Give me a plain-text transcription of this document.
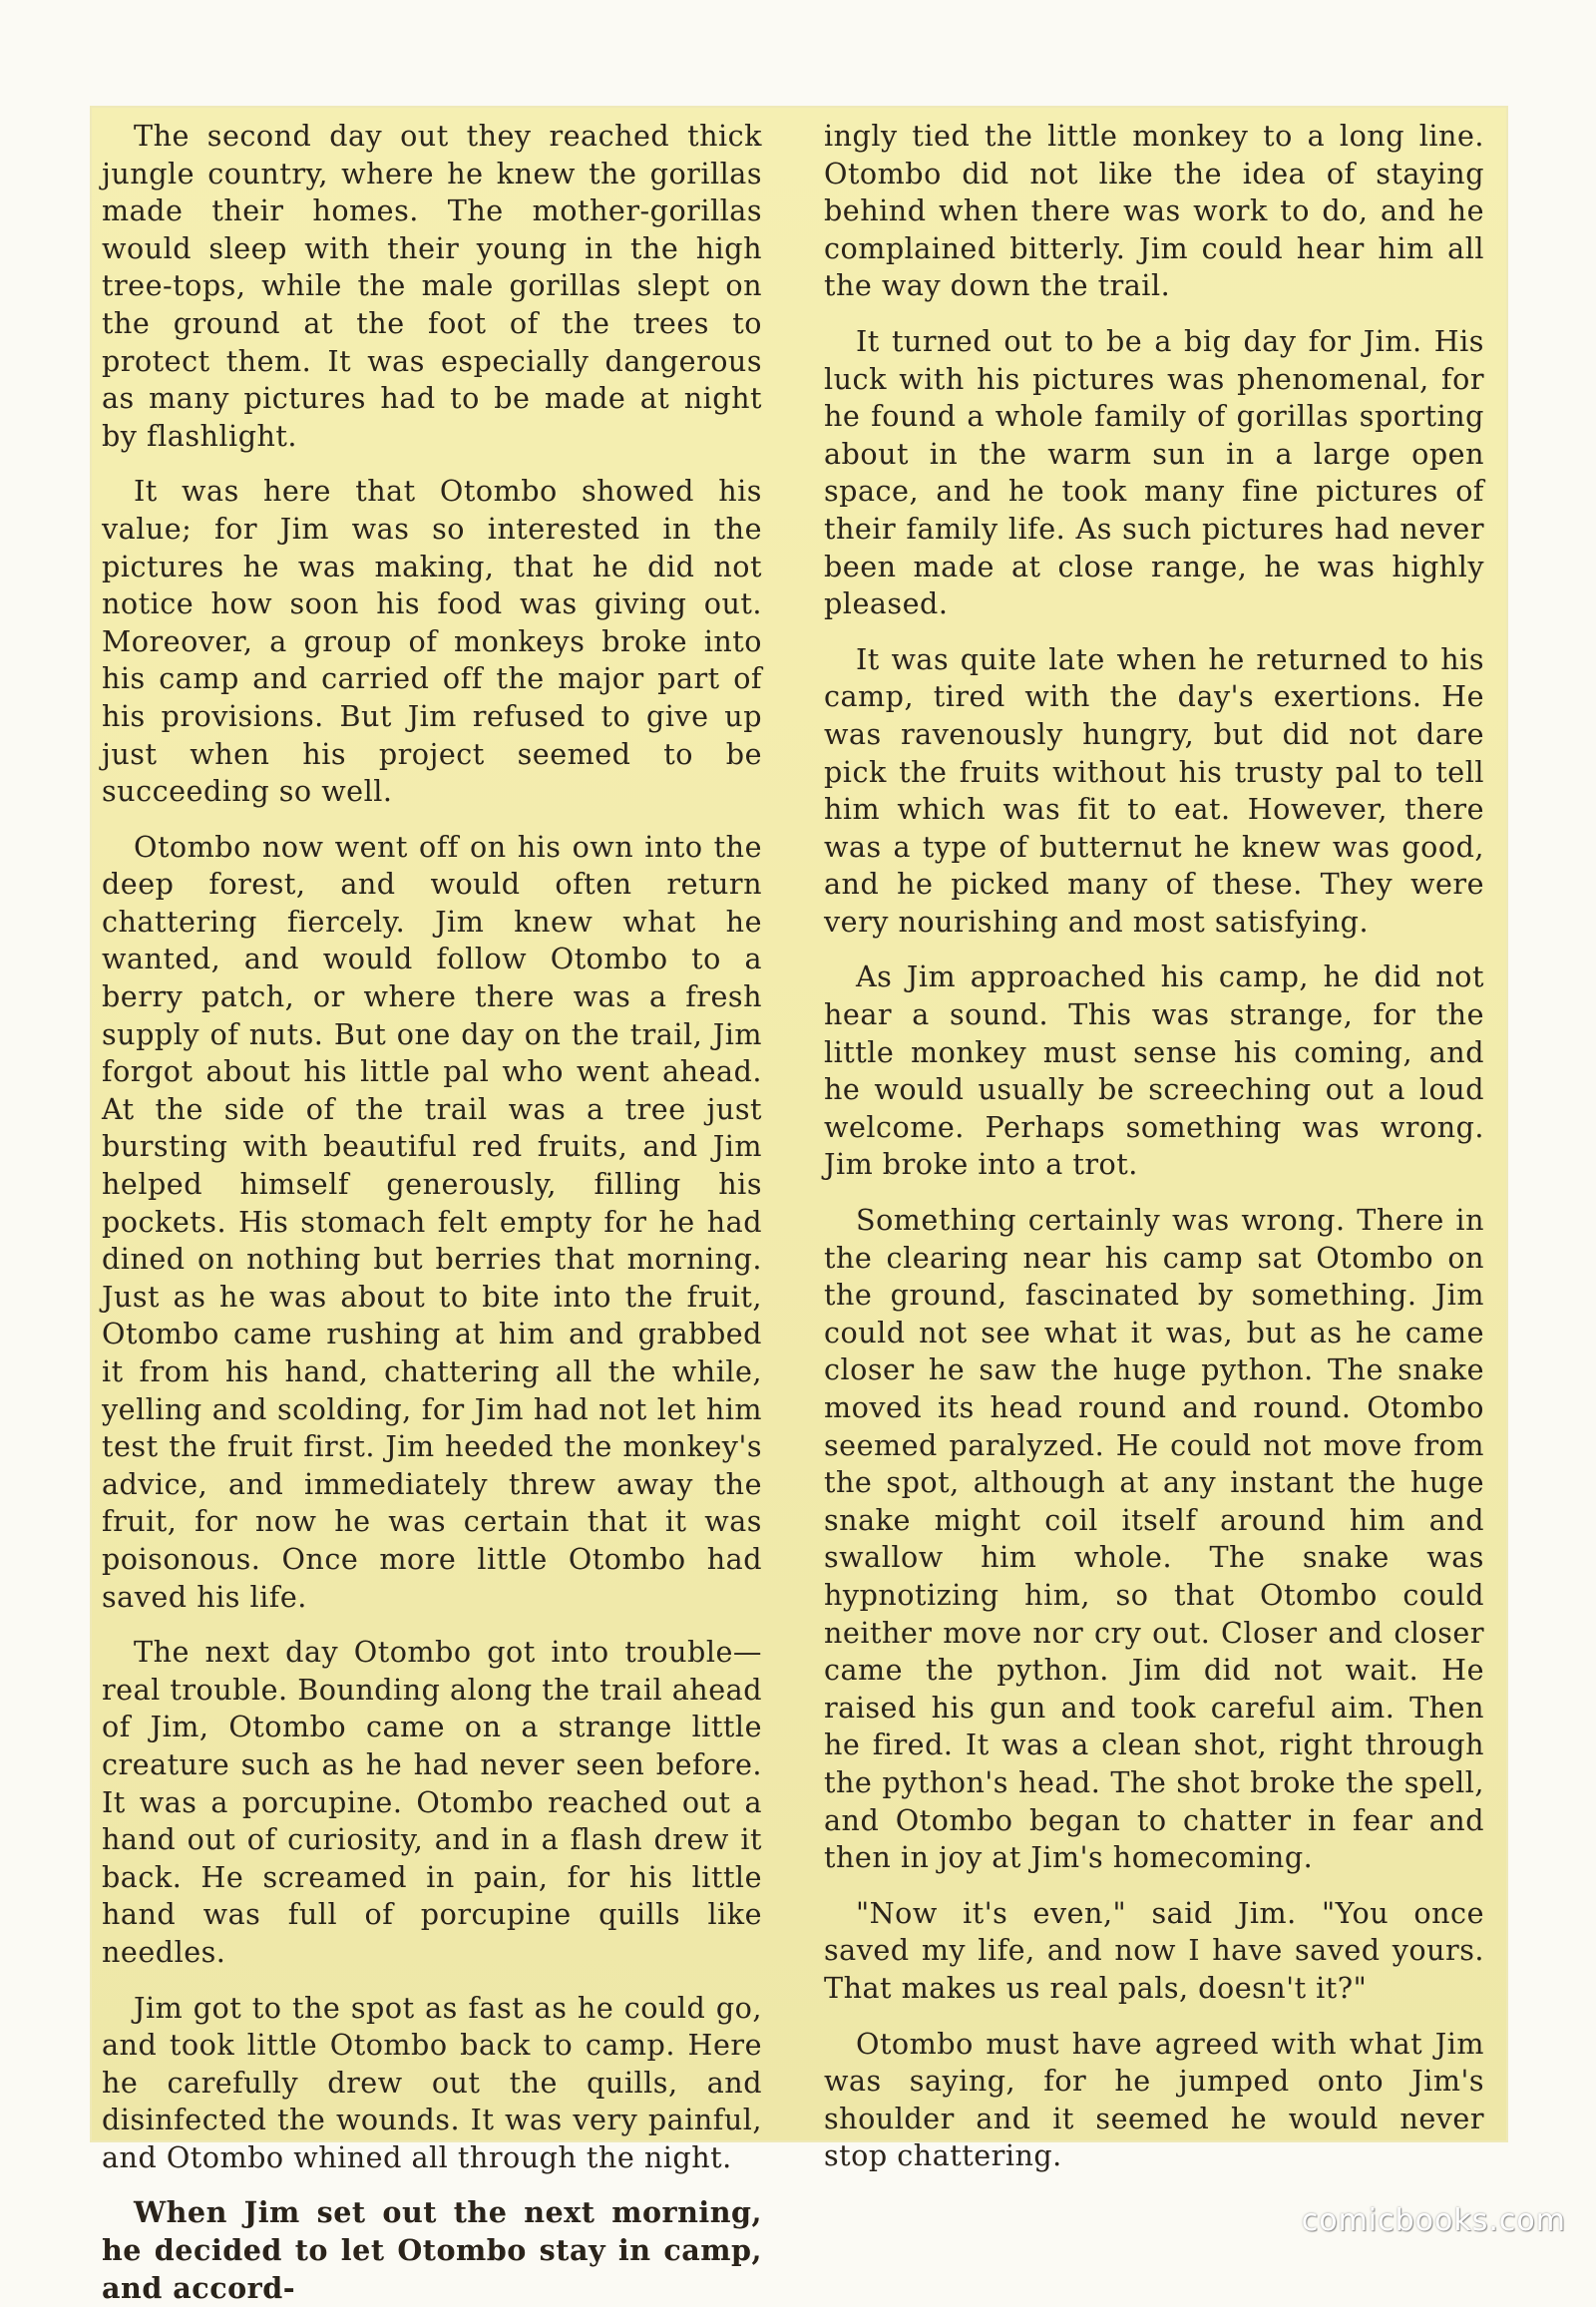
The second day out they reached thick jungle country, where he knew the gorillas made their homes. The mother-gorillas would sleep with their young in the high tree-tops, while the male gorillas slept on the ground at the foot of the trees to protect them. It was especially dangerous as many pictures had to be made at night by flashlight.

It was here that Otombo showed his value; for Jim was so interested in the pictures he was making, that he did not notice how soon his food was giving out. Moreover, a group of monkeys broke into his camp and carried off the major part of his provisions. But Jim refused to give up just when his project seemed to be succeeding so well.

Otombo now went off on his own into the deep forest, and would often return chattering fiercely. Jim knew what he wanted, and would follow Otombo to a berry patch, or where there was a fresh supply of nuts. But one day on the trail, Jim forgot about his little pal who went ahead. At the side of the trail was a tree just bursting with beautiful red fruits, and Jim helped himself generously, filling his pockets. His stomach felt empty for he had dined on nothing but berries that morning. Just as he was about to bite into the fruit, Otombo came rushing at him and grabbed it from his hand, chattering all the while, yelling and scolding, for Jim had not let him test the fruit first. Jim heeded the monkey's advice, and immediately threw away the fruit, for now he was certain that it was poisonous. Once more little Otombo had saved his life.

The next day Otombo got into trouble—real trouble. Bounding along the trail ahead of Jim, Otombo came on a strange little creature such as he had never seen before. It was a porcupine. Otombo reached out a hand out of curiosity, and in a flash drew it back. He screamed in pain, for his little hand was full of porcupine quills like needles.

Jim got to the spot as fast as he could go, and took little Otombo back to camp. Here he carefully drew out the quills, and disinfected the wounds. It was very painful, and Otombo whined all through the night.

When Jim set out the next morning, he decided to let Otombo stay in camp, and accord-

ingly tied the little monkey to a long line. Otombo did not like the idea of staying behind when there was work to do, and he complained bitterly. Jim could hear him all the way down the trail.

It turned out to be a big day for Jim. His luck with his pictures was phenomenal, for he found a whole family of gorillas sporting about in the warm sun in a large open space, and he took many fine pictures of their family life. As such pictures had never been made at close range, he was highly pleased.

It was quite late when he returned to his camp, tired with the day's exertions. He was ravenously hungry, but did not dare pick the fruits without his trusty pal to tell him which was fit to eat. However, there was a type of butternut he knew was good, and he picked many of these. They were very nourishing and most satisfying.

As Jim approached his camp, he did not hear a sound. This was strange, for the little monkey must sense his coming, and he would usually be screeching out a loud welcome. Perhaps something was wrong. Jim broke into a trot.

Something certainly was wrong. There in the clearing near his camp sat Otombo on the ground, fascinated by something. Jim could not see what it was, but as he came closer he saw the huge python. The snake moved its head round and round. Otombo seemed paralyzed. He could not move from the spot, although at any instant the huge snake might coil itself around him and swallow him whole. The snake was hypnotizing him, so that Otombo could neither move nor cry out. Closer and closer came the python. Jim did not wait. He raised his gun and took careful aim. Then he fired. It was a clean shot, right through the python's head. The shot broke the spell, and Otombo began to chatter in fear and then in joy at Jim's homecoming.

"Now it's even," said Jim. "You once saved my life, and now I have saved yours. That makes us real pals, doesn't it?"

Otombo must have agreed with what Jim was saying, for he jumped onto Jim's shoulder and it seemed he would never stop chattering.

comicbooks.com
